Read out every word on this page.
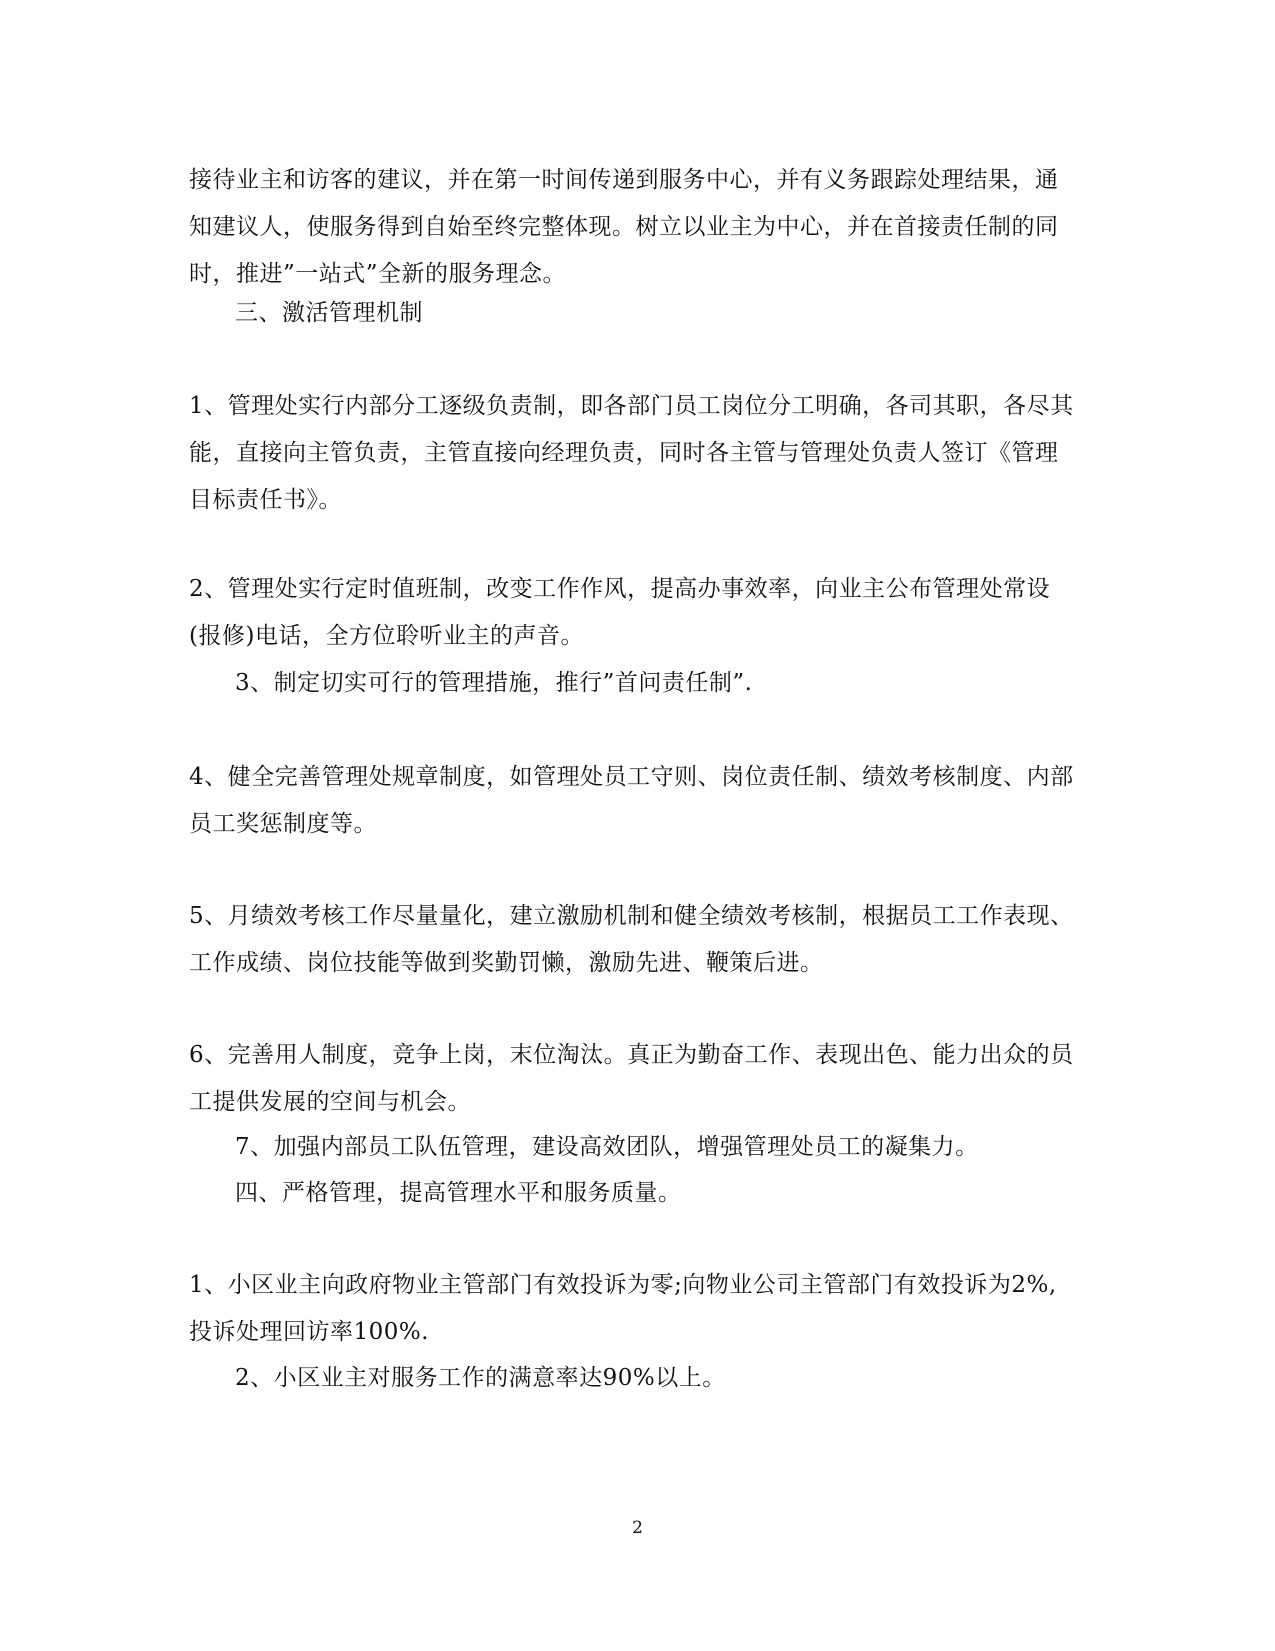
接待业主和访客的建议，并在第一时间传递到服务中心，并有义务跟踪处理结果，通知建议人，使服务得到自始至终完整体现。树立以业主为中心，并在首接责任制的同时，推进”一站式”全新的服务理念。

三、激活管理机制

1、管理处实行内部分工逐级负责制，即各部门员工岗位分工明确，各司其职，各尽其能，直接向主管负责，主管直接向经理负责，同时各主管与管理处负责人签订《管理目标责任书》。

2、管理处实行定时值班制，改变工作作风，提高办事效率，向业主公布管理处常设(报修)电话，全方位聆听业主的声音。

3、制定切实可行的管理措施，推行”首问责任制”.

4、健全完善管理处规章制度，如管理处员工守则、岗位责任制、绩效考核制度、内部员工奖惩制度等。

5、月绩效考核工作尽量量化，建立激励机制和健全绩效考核制，根据员工工作表现、工作成绩、岗位技能等做到奖勤罚懒，激励先进、鞭策后进。

6、完善用人制度，竞争上岗，末位淘汰。真正为勤奋工作、表现出色、能力出众的员工提供发展的空间与机会。

7、加强内部员工队伍管理，建设高效团队，增强管理处员工的凝集力。

四、严格管理，提高管理水平和服务质量。

1、小区业主向政府物业主管部门有效投诉为零;向物业公司主管部门有效投诉为2%,投诉处理回访率100%.

2、小区业主对服务工作的满意率达90%以上。

2
